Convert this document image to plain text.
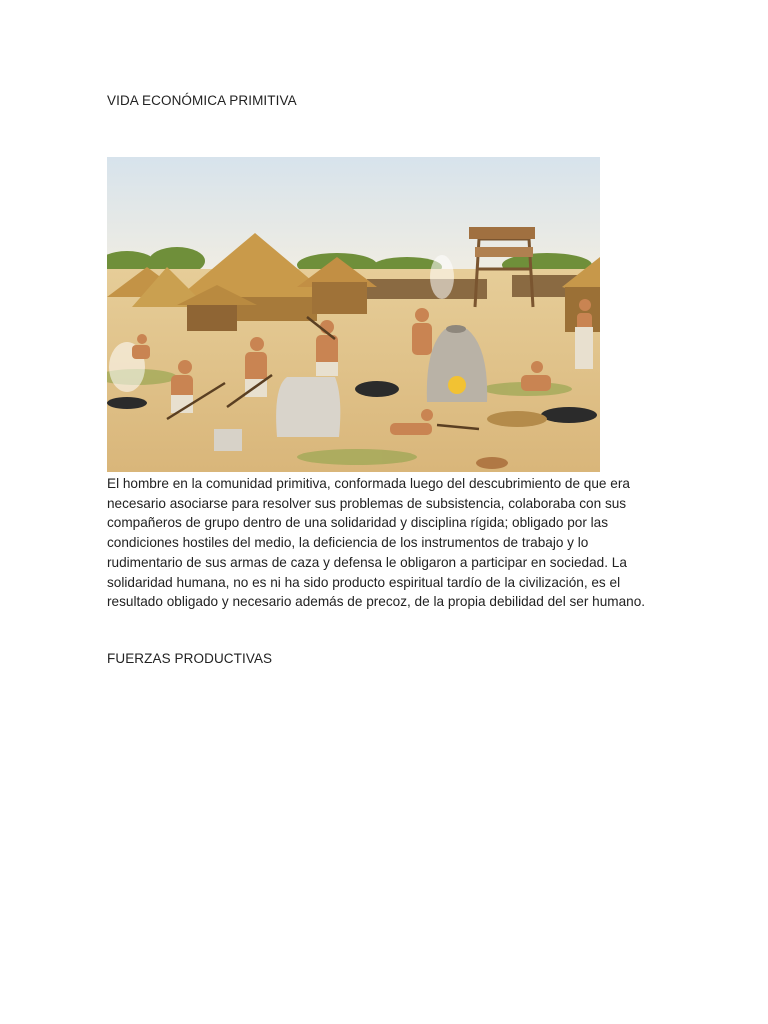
VIDA ECONÓMICA PRIMITIVA

El hombre en la comunidad primitiva, conformada luego del descubrimiento de que era necesario asociarse para resolver sus problemas de subsistencia, colaboraba con sus compañeros de grupo dentro de una solidaridad y disciplina rígida; obligado por las condiciones hostiles del medio, la deficiencia de los instrumentos de trabajo y lo rudimentario de sus armas de caza y defensa le obligaron a participar en sociedad. La solidaridad humana, no es ni ha sido producto espiritual tardío de la civilización, es el resultado obligado y necesario además de precoz, de la propia debilidad del ser humano.

FUERZAS PRODUCTIVAS
